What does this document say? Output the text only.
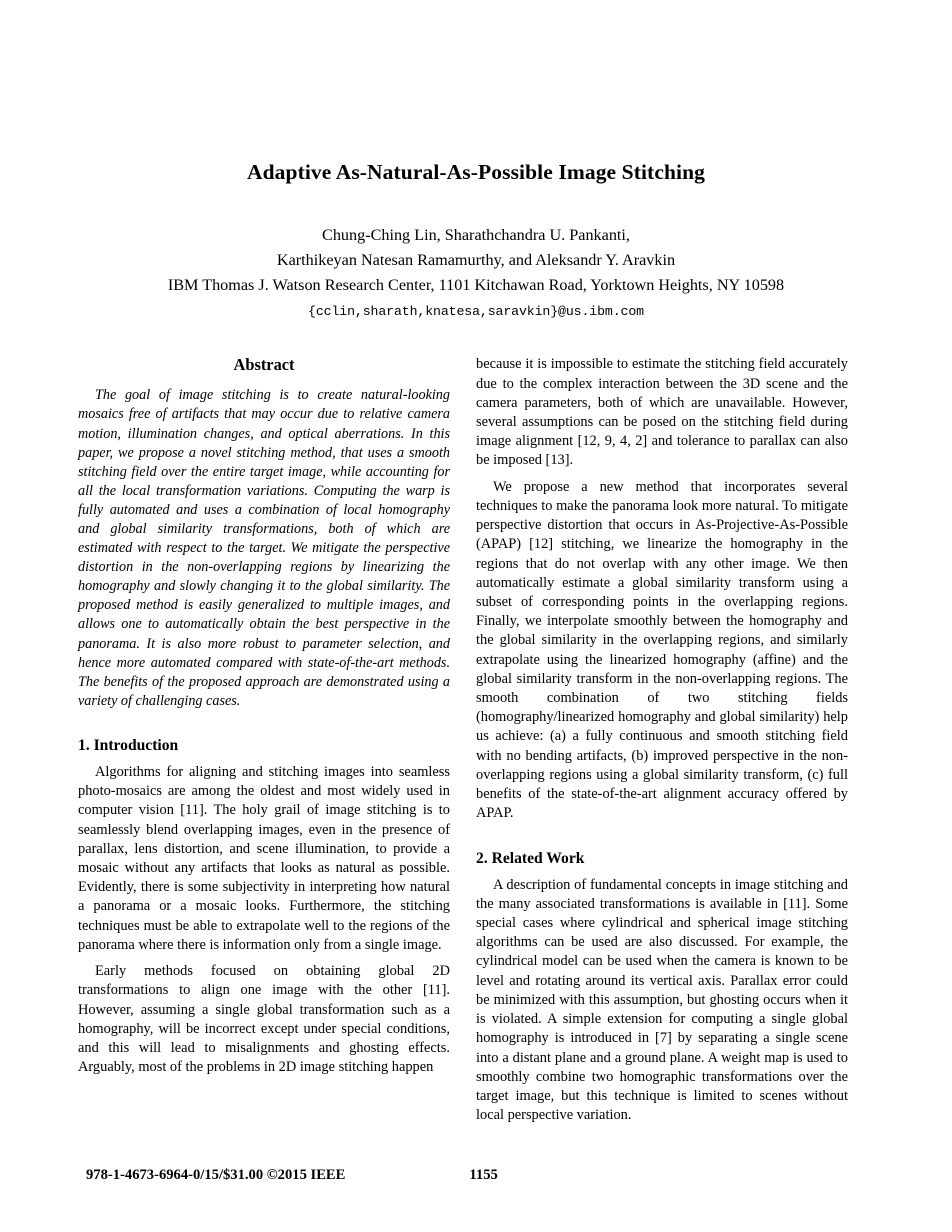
Adaptive As-Natural-As-Possible Image Stitching
Chung-Ching Lin, Sharathchandra U. Pankanti,
Karthikeyan Natesan Ramamurthy, and Aleksandr Y. Aravkin
IBM Thomas J. Watson Research Center, 1101 Kitchawan Road, Yorktown Heights, NY 10598
{cclin,sharath,knatesa,saravkin}@us.ibm.com
Abstract

The goal of image stitching is to create natural-looking mosaics free of artifacts that may occur due to relative camera motion, illumination changes, and optical aberrations. In this paper, we propose a novel stitching method, that uses a smooth stitching field over the entire target image, while accounting for all the local transformation variations. Computing the warp is fully automated and uses a combination of local homography and global similarity transformations, both of which are estimated with respect to the target. We mitigate the perspective distortion in the non-overlapping regions by linearizing the homography and slowly changing it to the global similarity. The proposed method is easily generalized to multiple images, and allows one to automatically obtain the best perspective in the panorama. It is also more robust to parameter selection, and hence more automated compared with state-of-the-art methods. The benefits of the proposed approach are demonstrated using a variety of challenging cases.

1. Introduction

Algorithms for aligning and stitching images into seamless photo-mosaics are among the oldest and most widely used in computer vision [11]. The holy grail of image stitching is to seamlessly blend overlapping images, even in the presence of parallax, lens distortion, and scene illumination, to provide a mosaic without any artifacts that looks as natural as possible. Evidently, there is some subjectivity in interpreting how natural a panorama or a mosaic looks. Furthermore, the stitching techniques must be able to extrapolate well to the regions of the panorama where there is information only from a single image.

Early methods focused on obtaining global 2D transformations to align one image with the other [11]. However, assuming a single global transformation such as a homography, will be incorrect except under special conditions, and this will lead to misalignments and ghosting effects. Arguably, most of the problems in 2D image stitching happen

because it is impossible to estimate the stitching field accurately due to the complex interaction between the 3D scene and the camera parameters, both of which are unavailable. However, several assumptions can be posed on the stitching field during image alignment [12, 9, 4, 2] and tolerance to parallax can also be imposed [13].

We propose a new method that incorporates several techniques to make the panorama look more natural. To mitigate perspective distortion that occurs in As-Projective-As-Possible (APAP) [12] stitching, we linearize the homography in the regions that do not overlap with any other image. We then automatically estimate a global similarity transform using a subset of corresponding points in the overlapping regions. Finally, we interpolate smoothly between the homography and the global similarity in the overlapping regions, and similarly extrapolate using the linearized homography (affine) and the global similarity transform in the non-overlapping regions. The smooth combination of two stitching fields (homography/linearized homography and global similarity) help us achieve: (a) a fully continuous and smooth stitching field with no bending artifacts, (b) improved perspective in the non-overlapping regions using a global similarity transform, (c) full benefits of the state-of-the-art alignment accuracy offered by APAP.

2. Related Work

A description of fundamental concepts in image stitching and the many associated transformations is available in [11]. Some special cases where cylindrical and spherical image stitching algorithms can be used are also discussed. For example, the cylindrical model can be used when the camera is known to be level and rotating around its vertical axis. Parallax error could be minimized with this assumption, but ghosting occurs when it is violated. A simple extension for computing a single global homography is introduced in [7] by separating a single scene into a distant plane and a ground plane. A weight map is used to smoothly combine two homographic transformations over the target image, but this technique is limited to scenes without local perspective variation.

978-1-4673-6964-0/15/$31.00 ©2015 IEEE	1155
